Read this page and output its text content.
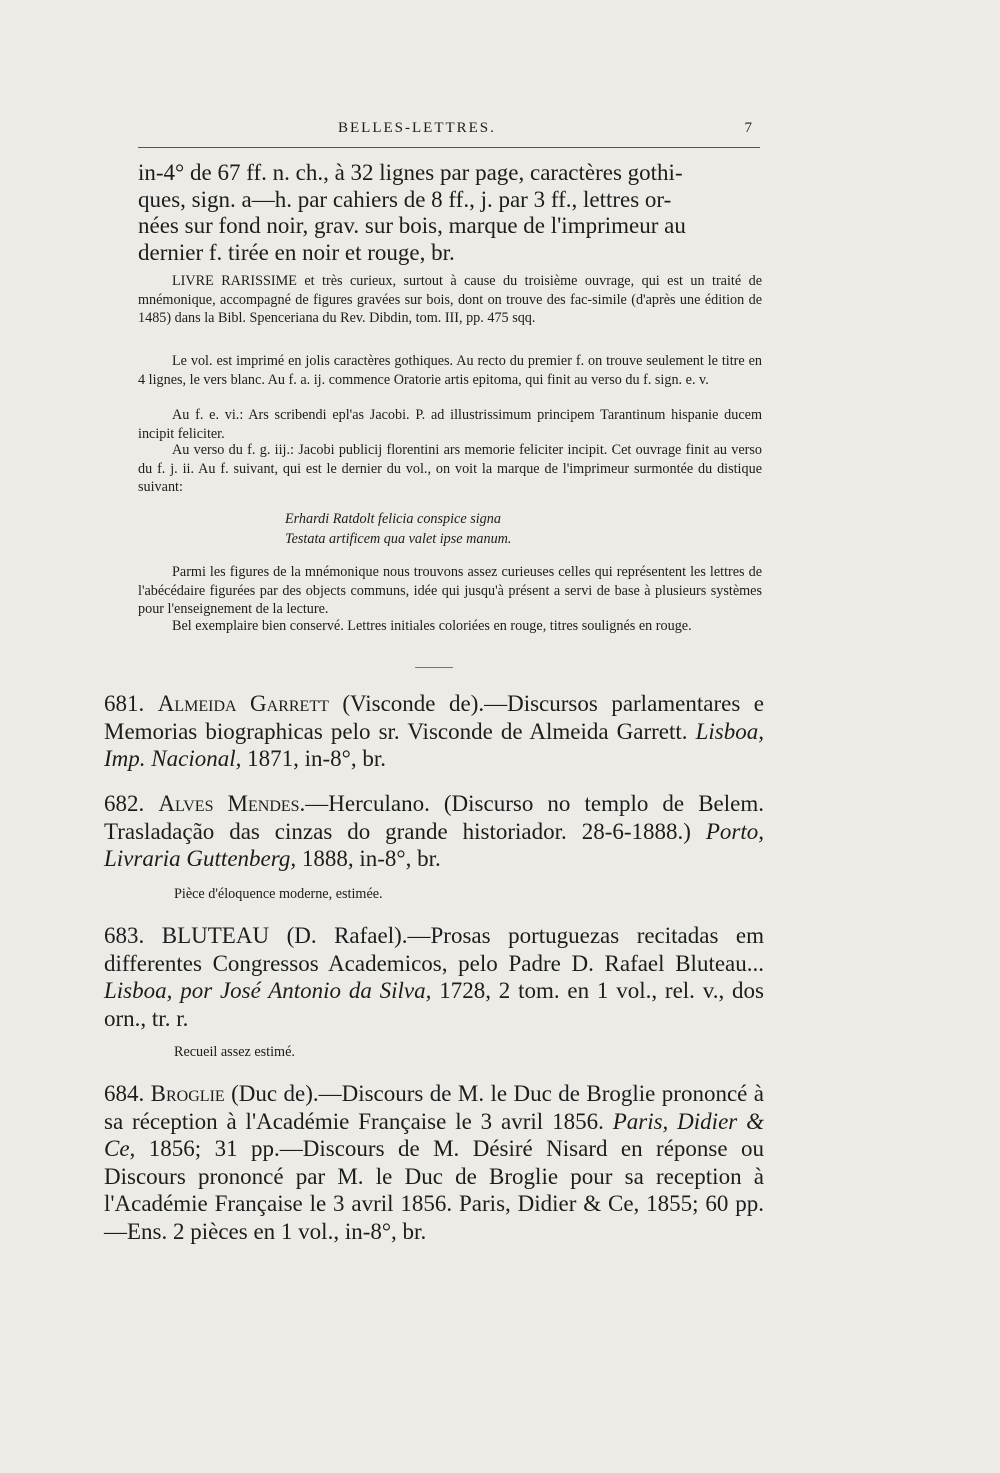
BELLES-LETTRES.	7
in-4° de 67 ff. n. ch., à 32 lignes par page, caractères gothi-
ques, sign. a—h. par cahiers de 8 ff., j. par 3 ff., lettres or-
nées sur fond noir, grav. sur bois, marque de l'imprimeur au
dernier f. tirée en noir et rouge, br.

LIVRE RARISSIME et très curieux, surtout à cause du troisième ouvrage, qui est un traité de mnémonique, accompagné de figures gravées sur bois, dont on trouve des fac-simile (d'après une édition de 1485) dans la Bibl. Spenceriana du Rev. Dibdin, tom. III, pp. 475 sqq.

Le vol. est imprimé en jolis caractères gothiques. Au recto du premier f. on trouve seulement le titre en 4 lignes, le vers blanc. Au f. a. ij. commence Oratorie artis epitoma, qui finit au verso du f. sign. e. v.

Au f. e. vi.: Ars scribendi epl'as Jacobi. P. ad illustrissimum principem Tarantinum hispanie ducem incipit feliciter.

Au verso du f. g. iij.: Jacobi publicij florentini ars memorie feliciter incipit. Cet ouvrage finit au verso du f. j. ii. Au f. suivant, qui est le dernier du vol., on voit la marque de l'imprimeur surmontée du distique suivant:

Erhardi Ratdolt felicia conspice signa
Testata artificem qua valet ipse manum.

Parmi les figures de la mnémonique nous trouvons assez curieuses celles qui représentent les lettres de l'abécédaire figurées par des objects communs, idée qui jusqu'à présent a servi de base à plusieurs systèmes pour l'enseignement de la lecture.

Bel exemplaire bien conservé. Lettres initiales coloriées en rouge, titres soulignés en rouge.

681. Almeida Garrett (Visconde de).—Discursos parlamentares e Memorias biographicas pelo sr. Visconde de Almeida Garrett. Lisboa, Imp. Nacional, 1871, in-8°, br.
682. Alves Mendes.—Herculano. (Discurso no templo de Belem. Trasladação das cinzas do grande historiador. 28-6-1888.) Porto, Livraria Guttenberg, 1888, in-8°, br.
Pièce d'éloquence moderne, estimée.
683. BLUTEAU (D. Rafael).—Prosas portuguezas recitadas em differentes Congressos Academicos, pelo Padre D. Rafael Bluteau... Lisboa, por José Antonio da Silva, 1728, 2 tom. en 1 vol., rel. v., dos orn., tr. r.
Recueil assez estimé.
684. Broglie (Duc de).—Discours de M. le Duc de Broglie prononcé à sa réception à l'Académie Française le 3 avril 1856. Paris, Didier & Ce, 1856; 31 pp.—Discours de M. Désiré Nisard en réponse ou Discours prononcé par M. le Duc de Broglie pour sa reception à l'Académie Française le 3 avril 1856. Paris, Didier & Ce, 1855; 60 pp.—Ens. 2 pièces en 1 vol., in-8°, br.
